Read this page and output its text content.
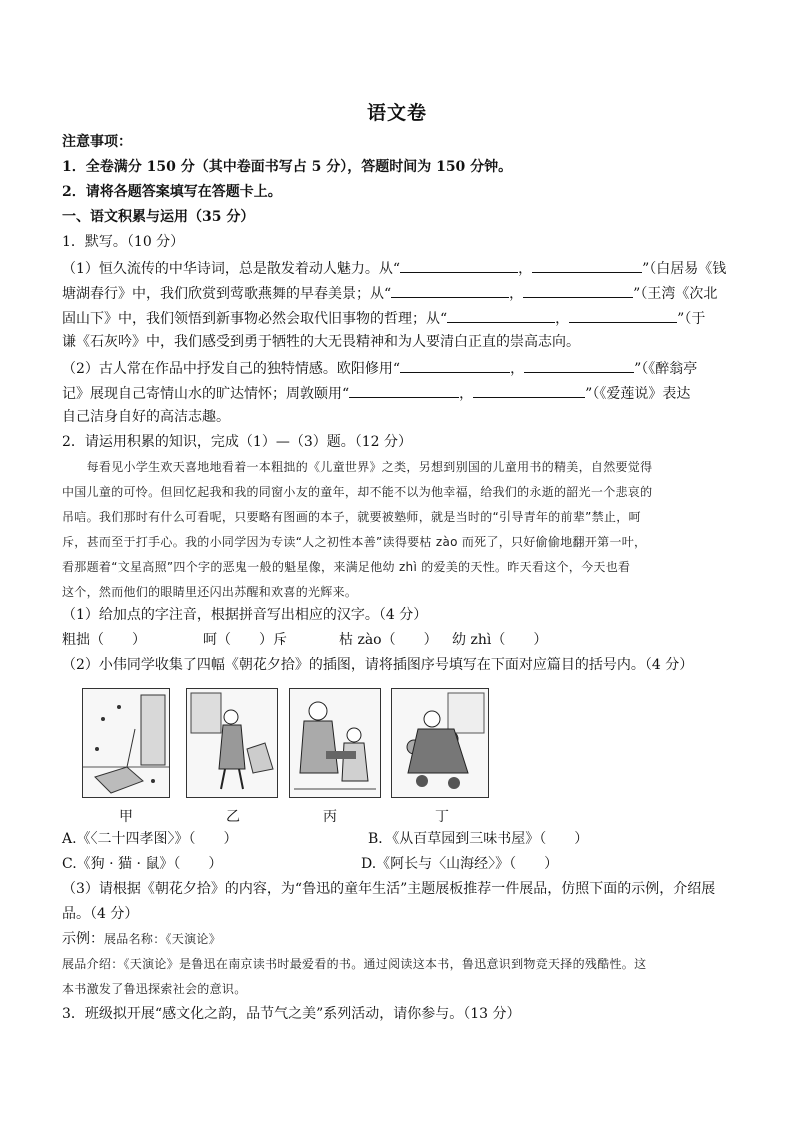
语文卷
注意事项：
1．全卷满分 150 分（其中卷面书写占 5 分），答题时间为 150 分钟。
2．请将各题答案填写在答题卡上。
一、语文积累与运用（35 分）
1．默写。（10 分）
（1）恒久流传的中华诗词，总是散发着动人魅力。从“	，	”（白居易《钱
塘湖春行》中，我们欣赏到莺歌燕舞的早春美景；从“	，	”（王湾《次北
固山下》中，我们领悟到新事物必然会取代旧事物的哲理；从“	，	”（于
谦《石灰吟》中，我们感受到勇于牺牲的大无畏精神和为人要清白正直的崇高志向。
（2）古人常在作品中抒发自己的独特情感。欧阳修用“	，	”（《醉翁亭
记》展现自己寄情山水的旷达情怀；周敦颐用“	，	”（《爱莲说》表达
自己洁身自好的高洁志趣。
2．请运用积累的知识，完成（1）—（3）题。（12 分）
　　每看见小学生欢天喜地地看着一本粗拙的《儿童世界》之类，另想到别国的儿童用书的精美，自然要觉得
中国儿童的可怜。但回忆起我和我的同窗小友的童年，却不能不以为他幸福，给我们的永逝的韶光一个悲哀的
吊唁。我们那时有什么可看呢，只要略有图画的本子，就要被塾师，就是当时的“引导青年的前辈”禁止，呵
斥，甚而至于打手心。我的小同学因为专读“人之初性本善”读得要枯 zào 而死了，只好偷偷地翻开第一叶，
看那题着“文星高照”四个字的恶鬼一般的魁星像，来满足他幼 zhì 的爱美的天性。昨天看这个，今天也看
这个，然而他们的眼睛里还闪出苏醒和欢喜的光辉来。
（1）给加点的字注音，根据拼音写出相应的汉字。（4 分）
粗拙（　　）	呵（　　）斥	枯 zào（　　） 幼 zhì（　　）
（2）小伟同学收集了四幅《朝花夕拾》的插图，请将插图序号填写在下面对应篇目的括号内。（4 分）
甲	乙	丙	丁
A.《〈二十四孝图〉》（　　）	B．《从百草园到三味书屋》（　　）
C.《狗 · 猫 · 鼠》（　　）	D.《阿长与〈山海经〉》（　　）
（3）请根据《朝花夕拾》的内容，为“鲁迅的童年生活”主题展板推荐一件展品，仿照下面的示例，介绍展
品。（4 分）
示例：展品名称：《天演论》
展品介绍：《天演论》是鲁迅在南京读书时最爱看的书。通过阅读这本书，鲁迅意识到物竞天择的残酷性。这
本书激发了鲁迅探索社会的意识。
3．班级拟开展“感文化之韵，品节气之美”系列活动，请你参与。（13 分）
